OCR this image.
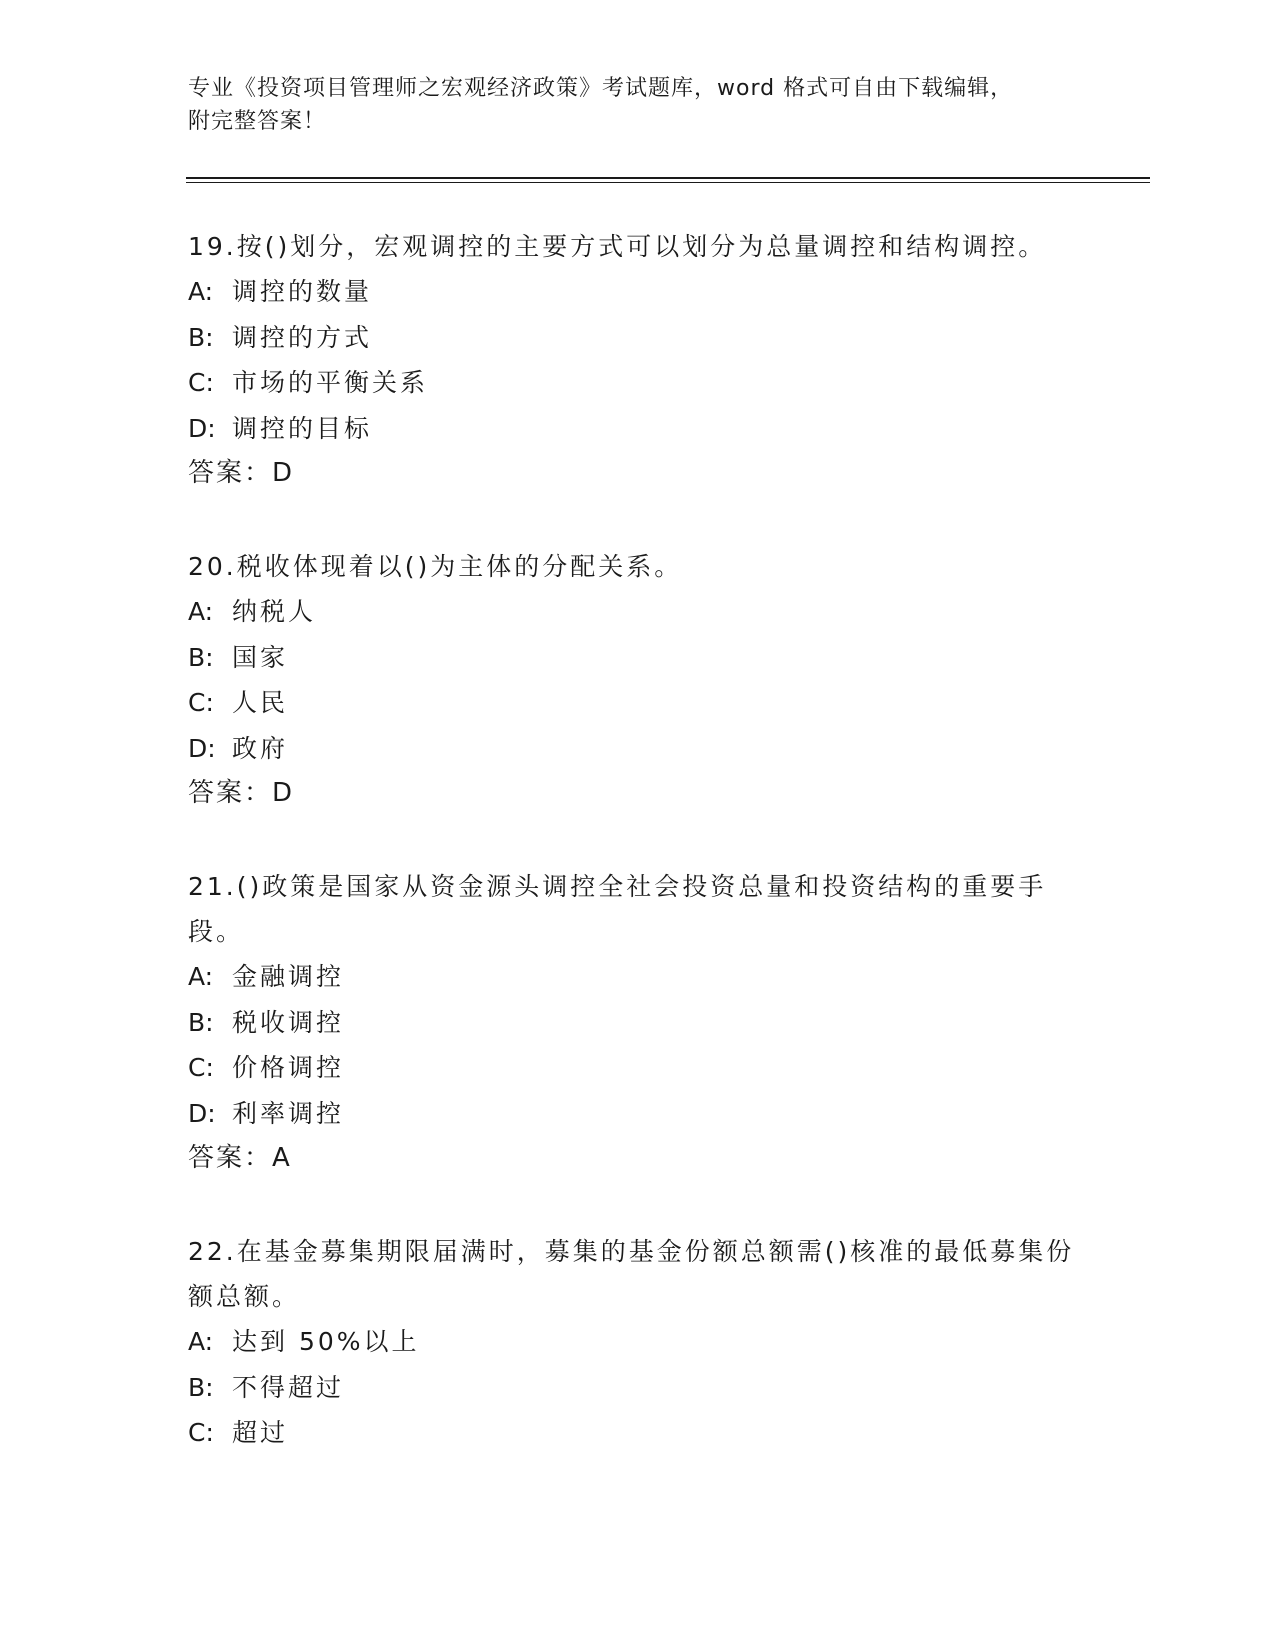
专业《投资项目管理师之宏观经济政策》考试题库，word 格式可自由下载编辑，
附完整答案！

19.按()划分，宏观调控的主要方式可以划分为总量调控和结构调控。

A: 调控的数量

B: 调控的方式

C: 市场的平衡关系

D: 调控的目标

答案：D

20.税收体现着以()为主体的分配关系。

A: 纳税人

B: 国家

C: 人民

D: 政府

答案：D

21.()政策是国家从资金源头调控全社会投资总量和投资结构的重要手段。

A: 金融调控

B: 税收调控

C: 价格调控

D: 利率调控

答案：A

22.在基金募集期限届满时，募集的基金份额总额需()核准的最低募集份额总额。

A: 达到 50%以上

B: 不得超过

C: 超过
